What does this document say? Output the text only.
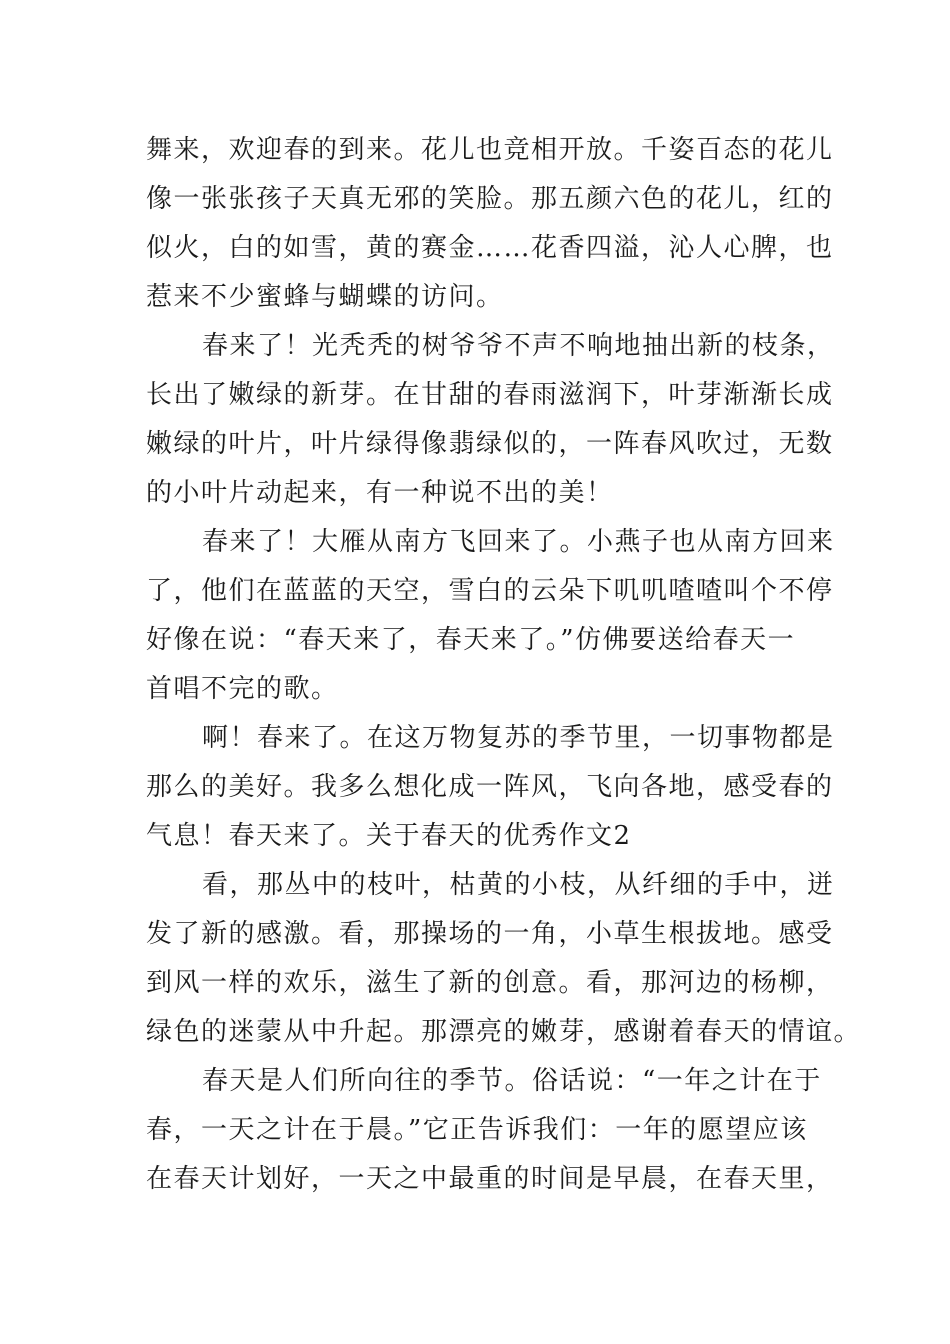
舞来，欢迎春的到来。花儿也竞相开放。千姿百态的花儿
像一张张孩子天真无邪的笑脸。那五颜六色的花儿，红的
似火，白的如雪，黄的赛金……花香四溢，沁人心脾，也
惹来不少蜜蜂与蝴蝶的访问。
春来了！光秃秃的树爷爷不声不响地抽出新的枝条，
长出了嫩绿的新芽。在甘甜的春雨滋润下，叶芽渐渐长成
嫩绿的叶片，叶片绿得像翡绿似的，一阵春风吹过，无数
的小叶片动起来，有一种说不出的美！
春来了！大雁从南方飞回来了。小燕子也从南方回来
了，他们在蓝蓝的天空，雪白的云朵下叽叽喳喳叫个不停
好像在说：“春天来了，春天来了。”仿佛要送给春天一
首唱不完的歌。
啊！春来了。在这万物复苏的季节里，一切事物都是
那么的美好。我多么想化成一阵风，飞向各地，感受春的
气息！春天来了。关于春天的优秀作文2
看，那丛中的枝叶，枯黄的小枝，从纤细的手中，迸
发了新的感激。看，那操场的一角，小草生根拔地。感受
到风一样的欢乐，滋生了新的创意。看，那河边的杨柳，
绿色的迷蒙从中升起。那漂亮的嫩芽，感谢着春天的情谊。
春天是人们所向往的季节。俗话说：“一年之计在于
春，一天之计在于晨。”它正告诉我们：一年的愿望应该
在春天计划好，一天之中最重的时间是早晨，在春天里，
